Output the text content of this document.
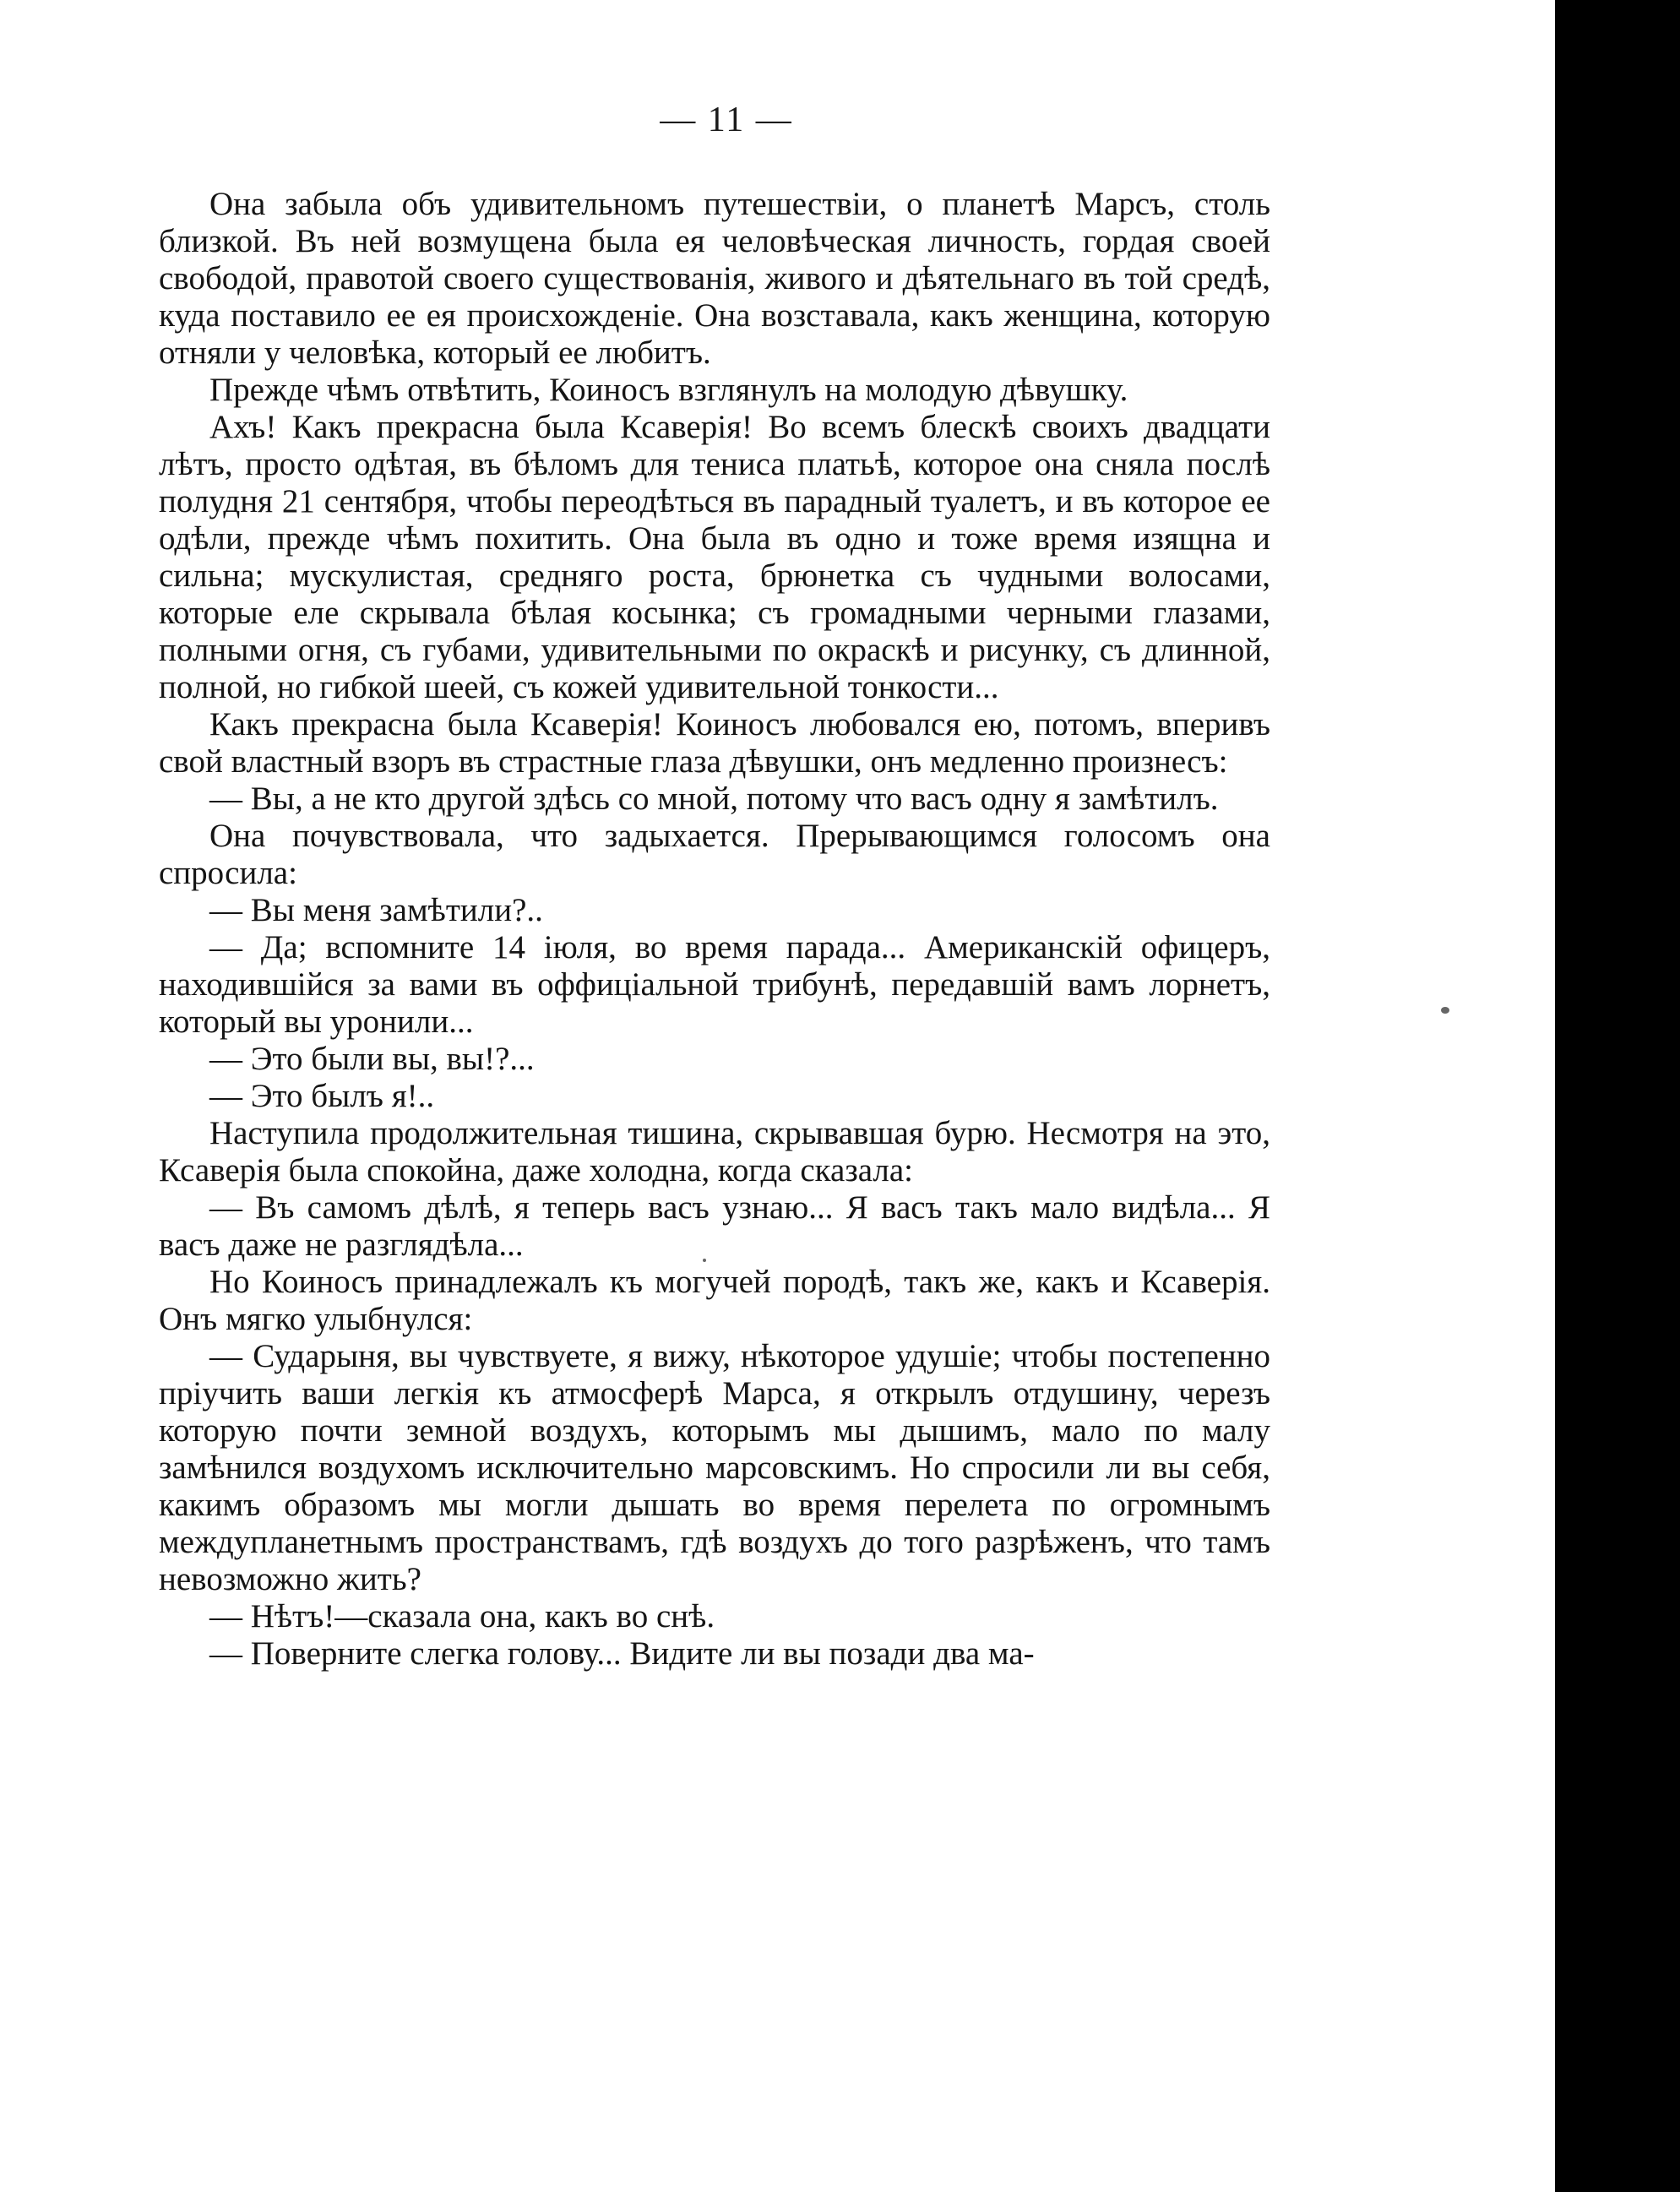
— 11 —

Она забыла объ удивительномъ путешествіи, о планетѣ Марсъ, столь близкой. Въ ней возмущена была ея человѣческая личность, гордая своей свободой, правотой своего существованія, живого и дѣятельнаго въ той средѣ, куда поставило ее ея происхожденіе. Она возставала, какъ женщина, которую отняли у человѣка, который ее любитъ.

Прежде чѣмъ отвѣтить, Коиносъ взглянулъ на молодую дѣвушку.

Ахъ! Какъ прекрасна была Ксаверія! Во всемъ блескѣ своихъ двадцати лѣтъ, просто одѣтая, въ бѣломъ для тениса платьѣ, которое она сняла послѣ полудня 21 сентября, чтобы переодѣться въ парадный туалетъ, и въ которое ее одѣли, прежде чѣмъ похитить. Она была въ одно и тоже время изящна и сильна; мускулистая, средняго роста, брюнетка съ чудными волосами, которые еле скрывала бѣлая косынка; съ громадными черными глазами, полными огня, съ губами, удивительными по окраскѣ и рисунку, съ длинной, полной, но гибкой шеей, съ кожей удивительной тонкости...

Какъ прекрасна была Ксаверія! Коиносъ любовался ею, потомъ, вперивъ свой властный взоръ въ страстные глаза дѣвушки, онъ медленно произнесъ:

— Вы, а не кто другой здѣсь со мной, потому что васъ одну я замѣтилъ.

Она почувствовала, что задыхается. Прерывающимся голосомъ она спросила:

— Вы меня замѣтили?..

— Да; вспомните 14 іюля, во время парада... Американскій офицеръ, находившійся за вами въ оффиціальной трибунѣ, передавшій вамъ лорнетъ, который вы уронили...

— Это были вы, вы!?...

— Это былъ я!..

Наступила продолжительная тишина, скрывавшая бурю. Несмотря на это, Ксаверія была спокойна, даже холодна, когда сказала:

— Въ самомъ дѣлѣ, я теперь васъ узнаю... Я васъ такъ мало видѣла... Я васъ даже не разглядѣла...

Но Коиносъ принадлежалъ къ могучей породѣ, такъ же, какъ и Ксаверія. Онъ мягко улыбнулся:

— Сударыня, вы чувствуете, я вижу, нѣкоторое удушіе; чтобы постепенно пріучить ваши легкія къ атмосферѣ Марса, я открылъ отдушину, черезъ которую почти земной воздухъ, которымъ мы дышимъ, мало по малу замѣнился воздухомъ исключительно марсовскимъ. Но спросили ли вы себя, какимъ образомъ мы могли дышать во время перелета по огромнымъ междупланетнымъ пространствамъ, гдѣ воздухъ до того разрѣженъ, что тамъ невозможно жить?

— Нѣтъ!—сказала она, какъ во снѣ.

— Поверните слегка голову... Видите ли вы позади два ма-
